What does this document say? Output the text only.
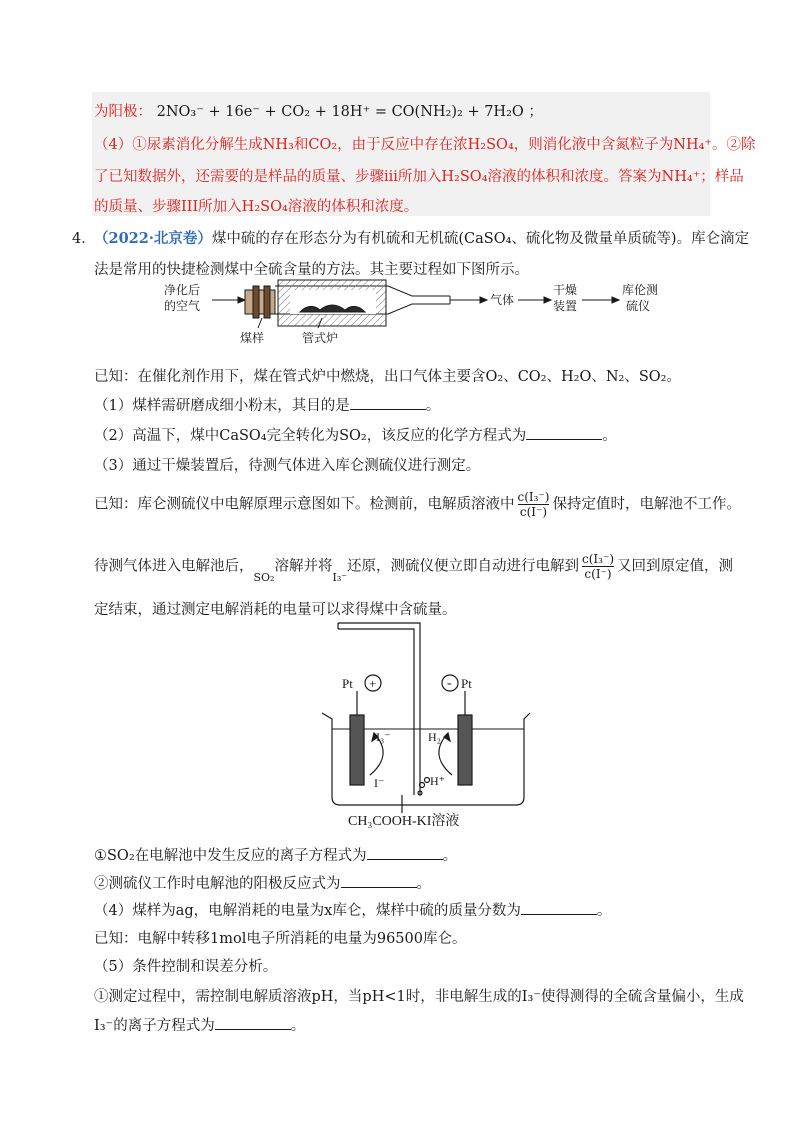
为阳极： 2NO₃⁻ + 16e⁻ + CO₂ + 18H⁺ = CO(NH₂)₂ + 7H₂O ；
（4）①尿素消化分解生成NH₃和CO₂，由于反应中存在浓H₂SO₄，则消化液中含氮粒子为NH₄⁺。②除
了已知数据外，还需要的是样品的质量、步骤iii所加入H₂SO₄溶液的体积和浓度。答案为NH₄⁺；样品
的质量、步骤III所加入H₂SO₄溶液的体积和浓度。
4．
（2022·北京卷）煤中硫的存在形态分为有机硫和无机硫(CaSO₄、硫化物及微量单质硫等)。库仑滴定
法是常用的快捷检测煤中全硫含量的方法。其主要过程如下图所示。
净化后
的空气	气体
干燥
装置
库伦测
硫仪
煤样	管式炉
已知：在催化剂作用下，煤在管式炉中燃烧，出口气体主要含O₂、CO₂、H₂O、N₂、SO₂。
（1）煤样需研磨成细小粉末，其目的是	。
（2）高温下，煤中CaSO₄完全转化为SO₂，该反应的化学方程式为	。
（3）通过干燥装置后，待测气体进入库仑测硫仪进行测定。
已知：库仑测硫仪中电解原理示意图如下。检测前，电解质溶液中 $\frac{\text{c(I₃⁻)}}{c(I^-)}$ 保持定值时，电解池不工作。
待测气体进入电解池后，$_{SO_2}$溶解并将$_{I_3^-}$还原，测硫仪便立即自动进行电解到 $\frac{\text{c(I₃⁻)}}{c(I^-)}$ 又回到原定值，测
定结束，通过测定电解消耗的电量可以求得煤中含硫量。
+	-
Pt	Pt
I₃⁻
I⁻
H₂
H⁺
CH₃COOH-KI溶液
①SO₂在电解池中发生反应的离子方程式为	。
②测硫仪工作时电解池的阳极反应式为	。
（4）煤样为ag，电解消耗的电量为x库仑，煤样中硫的质量分数为	。
已知：电解中转移1mol电子所消耗的电量为96500库仑。
（5）条件控制和误差分析。
①测定过程中，需控制电解质溶液pH，当pH<1时，非电解生成的I₃⁻使得测得的全硫含量偏小，生成
I₃⁻的离子方程式为	。
